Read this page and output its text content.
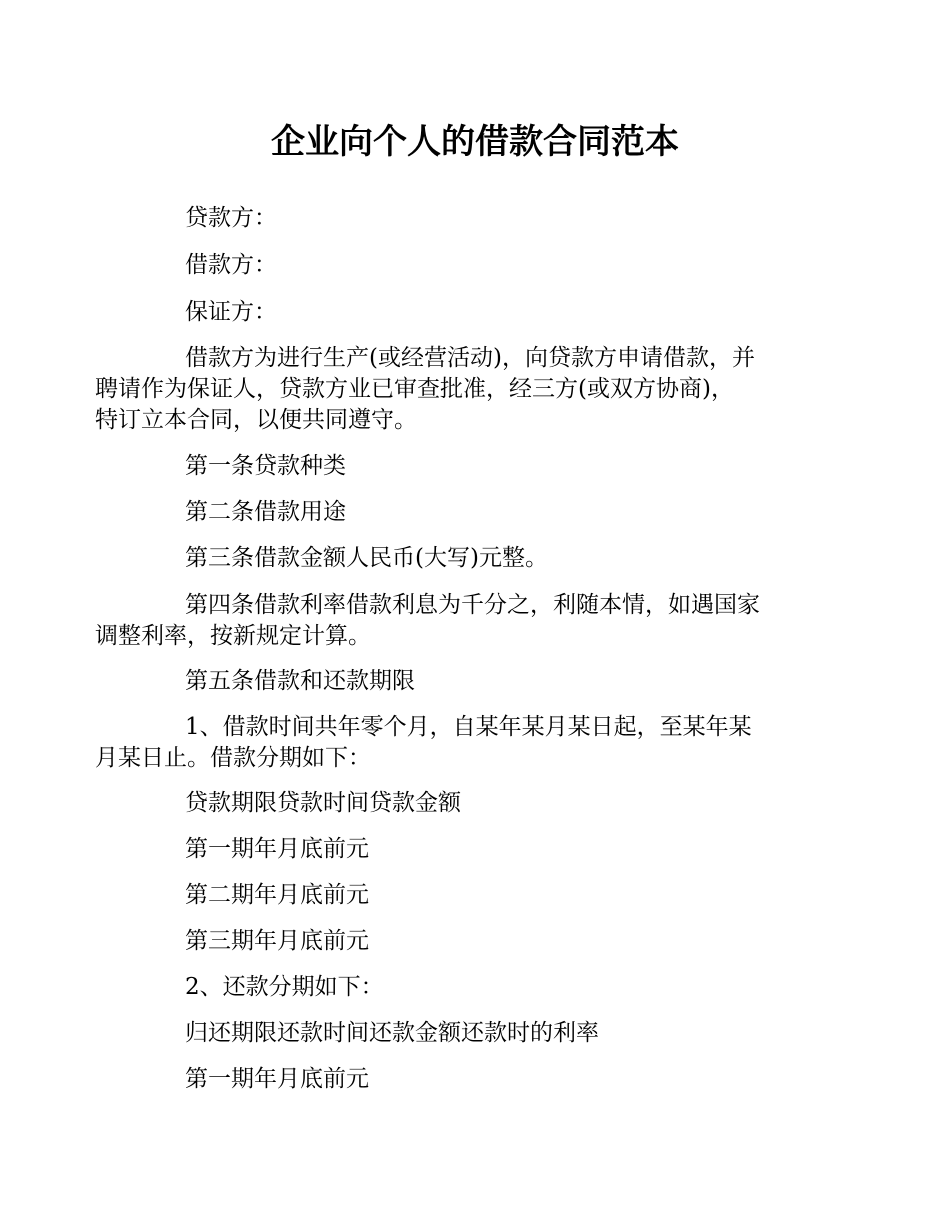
企业向个人的借款合同范本
贷款方：
借款方：
保证方：
借款方为进行生产(或经营活动)，向贷款方申请借款，并
聘请作为保证人，贷款方业已审查批准，经三方(或双方协商)，
特订立本合同，以便共同遵守。
第一条贷款种类
第二条借款用途
第三条借款金额人民币(大写)元整。
第四条借款利率借款利息为千分之，利随本情，如遇国家
调整利率，按新规定计算。
第五条借款和还款期限
1、借款时间共年零个月，自某年某月某日起，至某年某
月某日止。借款分期如下：
贷款期限贷款时间贷款金额
第一期年月底前元
第二期年月底前元
第三期年月底前元
2、还款分期如下：
归还期限还款时间还款金额还款时的利率
第一期年月底前元
